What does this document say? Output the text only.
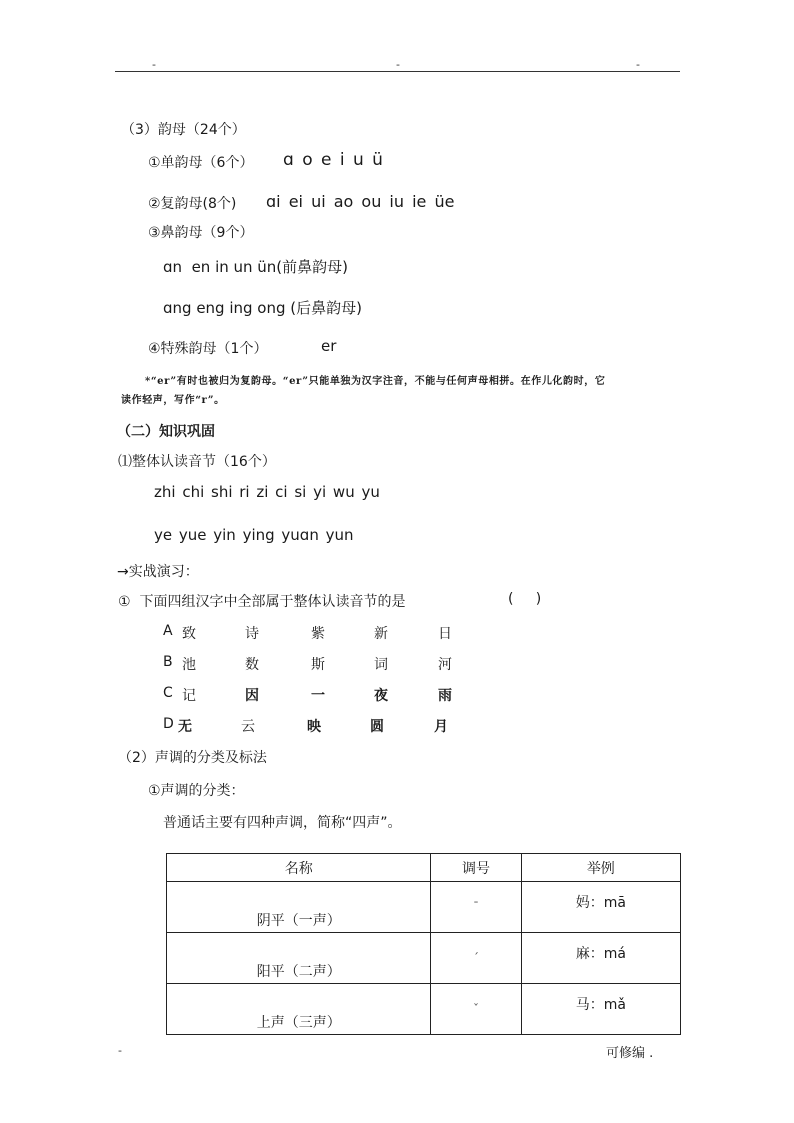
-	-	-
（3）韵母（24个）
①单韵母（6个） ɑ o e i u ü
②复韵母(8个) ɑi ei ui ao ou iu ie üe
③鼻韵母（9个）
ɑn  en in un ün(前鼻韵母)
ɑng eng ing ong (后鼻韵母)
④特殊韵母（1个）	er
*“er”有时也被归为复韵母。“er”只能单独为汉字注音，不能与任何声母相拼。在作儿化韵时，它
读作轻声，写作“r”。
（二）知识巩固
⑴整体认读音节（16个）
zhi chi shi ri zi ci si yi wu yu
ye yue yin ying yuɑn yun
→实战演习：
①  下面四组汉字中全部属于整体认读音节的是	(     )
A 致	诗	紫	新	日
B 池	数	斯	词	河
C 记	因	一	夜	雨
D 无	云	映	圆	月
（2）声调的分类及标法
①声调的分类：
普通话主要有四种声调，简称“四声”。
名称	调号	举例
阴平（一声）	ˉ	妈：mā
阳平（二声）	ˊ	麻：má
上声（三声）	ˇ	马：mǎ
-	可修编 .
